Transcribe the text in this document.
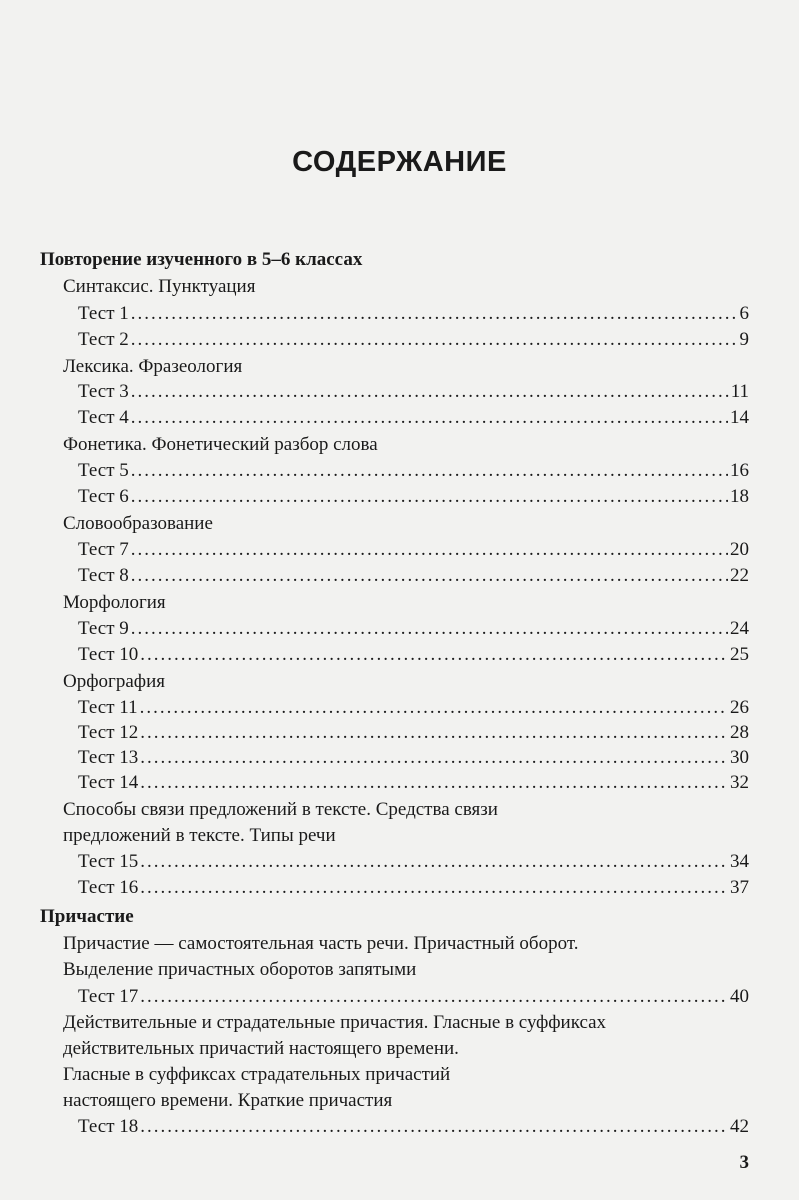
СОДЕРЖАНИЕ
Повторение изученного в 5–6 классах
Синтаксис. Пунктуация
Тест 1 .....	6
Тест 2 .....	9
Лексика. Фразеология
Тест 3 .....	11
Тест 4 .....	14
Фонетика. Фонетический разбор слова
Тест 5 .....	16
Тест 6 .....	18
Словообразование
Тест 7 .....	20
Тест 8 .....	22
Морфология
Тест 9 .....	24
Тест 10 .....	25
Орфография
Тест 11 .....	26
Тест 12 .....	28
Тест 13 .....	30
Тест 14 .....	32
Способы связи предложений в тексте. Средства связи
предложений в тексте. Типы речи
Тест 15 .....	34
Тест 16 .....	37
Причастие
Причастие — самостоятельная часть речи. Причастный оборот.
Выделение причастных оборотов запятыми
Тест 17 .....	40
Действительные и страдательные причастия. Гласные в суффиксах
действительных причастий настоящего времени.
Гласные в суффиксах страдательных причастий
настоящего времени. Краткие причастия
Тест 18 .....	42
3
